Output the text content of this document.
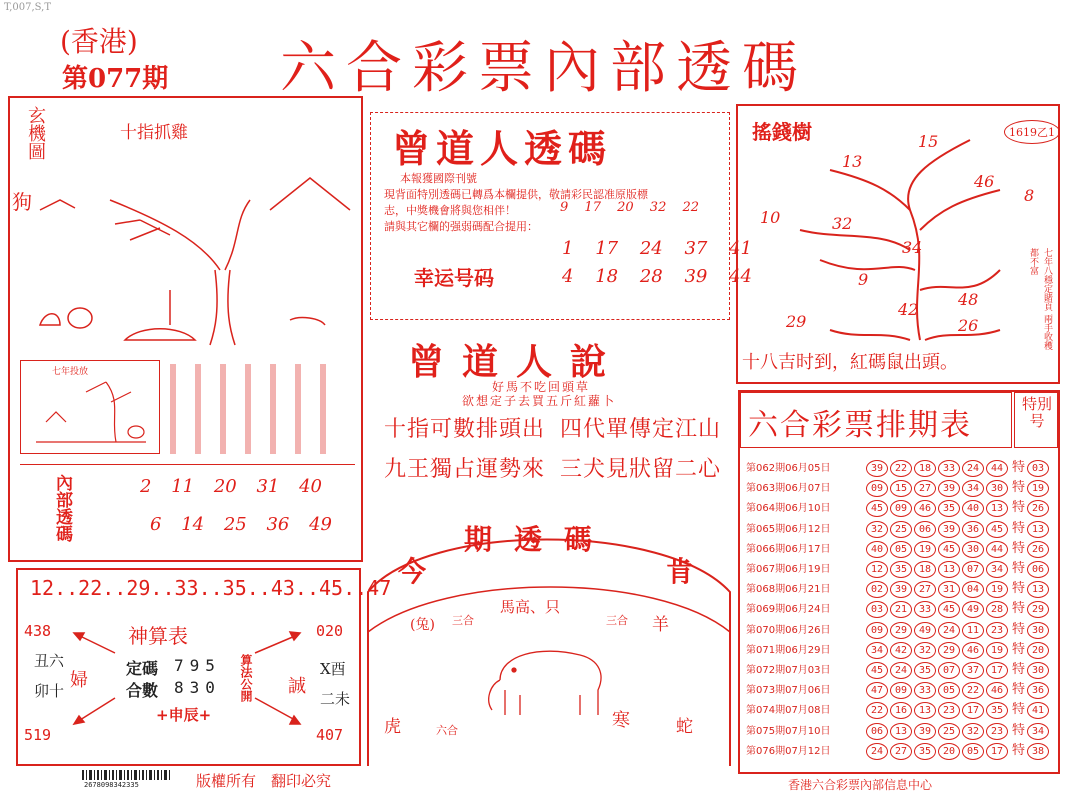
T,007,S,T
(香港)
第077期 六合彩票內部透碼
玄機圖
狗
十指抓雞
七年投放
內部透碼	2 11 20 31 40
6 14 25 36 49
12..22..29..33..35..43..45..47
神算表
438	020
519	407
定碼 795
合數 830 算法公開
+申辰+
丑六
卯十 婦	誠
X酉
二未
曾道人透碼
本報獲國際刊號
現背面特別透碼已轉爲本欄提供，敬請彩民認准原版標
志，中獎機會將與您相伴！
請與其它欄的强弱碼配合提用：
9 17 20 32 22
幸运号码
1 17 24 37 41
4 18 28 39 44
曾道人說
好馬不吃回頭草
欲想定子去買五斤紅蘿卜
十指可數排頭出 四代單傳定江山
九王獨占運勢來 三犬見狀留二心
今
期透碼
肯
(兔) 三合
馬高、只
三合 羊
虎	六合	寒	蛇
搖錢樹	1619乙1
13
15
46
8
10	32
34
9
42
48
29	26	七年八穩定賭頁 兩手收穫都不富
十八吉时到，紅碼鼠出頭。
六合彩票排期表
特別号
第062期06月05日	39 22 18 33 24 44 特 03
第063期06月07日	09 15 27 39 34 30 特 19
第064期06月10日	45 09 46 35 40 13 特 26
第065期06月12日	32 25 06 39 36 45 特 13
第066期06月17日	40 05 19 45 30 44 特 26
第067期06月19日	12 35 18 13 07 34 特 06
第068期06月21日	02 39 27 31 04 19 特 13
第069期06月24日	03 21 33 45 49 28 特 29
第070期06月26日	09 29 49 24 11 23 特 30
第071期06月29日	34 42 32 29 46 19 特 20
第072期07月03日	45 24 35 07 37 17 特 30
第073期07月06日	47 09 33 05 22 46 特 36
第074期07月08日	22 16 13 23 17 35 特 41
第075期07月10日	06 13 39 25 32 23 特 34
第076期07月12日	24 27 35 20 05 17 特 38
2678098342335	版權所有　翻印必究	香港六合彩票內部信息中心
